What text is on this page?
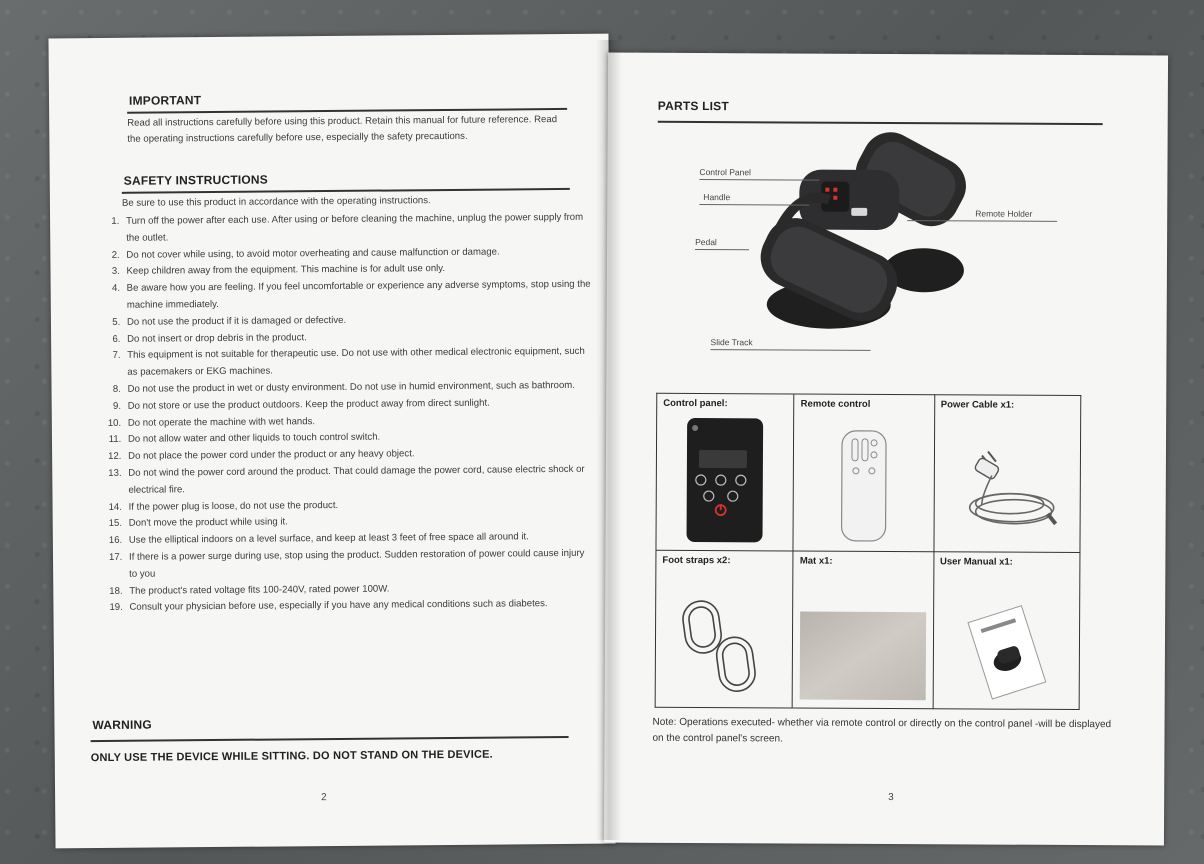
IMPORTANT
Read all instructions carefully before using this product. Retain this manual for future reference. Read the operating instructions carefully before use, especially the safety precautions.
SAFETY INSTRUCTIONS
Be sure to use this product in accordance with the operating instructions.
1. Turn off the power after each use. After using or before cleaning the machine, unplug the power supply from the outlet.
2. Do not cover while using, to avoid motor overheating and cause malfunction or damage.
3. Keep children away from the equipment. This machine is for adult use only.
4. Be aware how you are feeling. If you feel uncomfortable or experience any adverse symptoms, stop using the machine immediately.
5. Do not use the product if it is damaged or defective.
6. Do not insert or drop debris in the product.
7. This equipment is not suitable for therapeutic use. Do not use with other medical electronic equipment, such as pacemakers or EKG machines.
8. Do not use the product in wet or dusty environment. Do not use in humid environment, such as bathroom.
9. Do not store or use the product outdoors. Keep the product away from direct sunlight.
10. Do not operate the machine with wet hands.
11. Do not allow water and other liquids to touch control switch.
12. Do not place the power cord under the product or any heavy object.
13. Do not wind the power cord around the product. That could damage the power cord, cause electric shock or electrical fire.
14. If the power plug is loose, do not use the product.
15. Don't move the product while using it.
16. Use the elliptical indoors on a level surface, and keep at least 3 feet of free space all around it.
17. If there is a power surge during use, stop using the product. Sudden restoration of power could cause injury to you
18. The product's rated voltage fits 100-240V, rated power 100W.
19. Consult your physician before use, especially if you have any medical conditions such as diabetes.
WARNING
ONLY USE THE DEVICE WHILE SITTING. DO NOT STAND ON THE DEVICE.
2
PARTS LIST
Control Panel
Handle
Pedal
Slide Track
Remote Holder
Control panel:	Remote control	Power Cable x1:

Foot straps x2:	Mat x1:	User Manual x1:
Note: Operations executed- whether via remote control or directly on the control panel -will be displayed on the control panel's screen.
3
